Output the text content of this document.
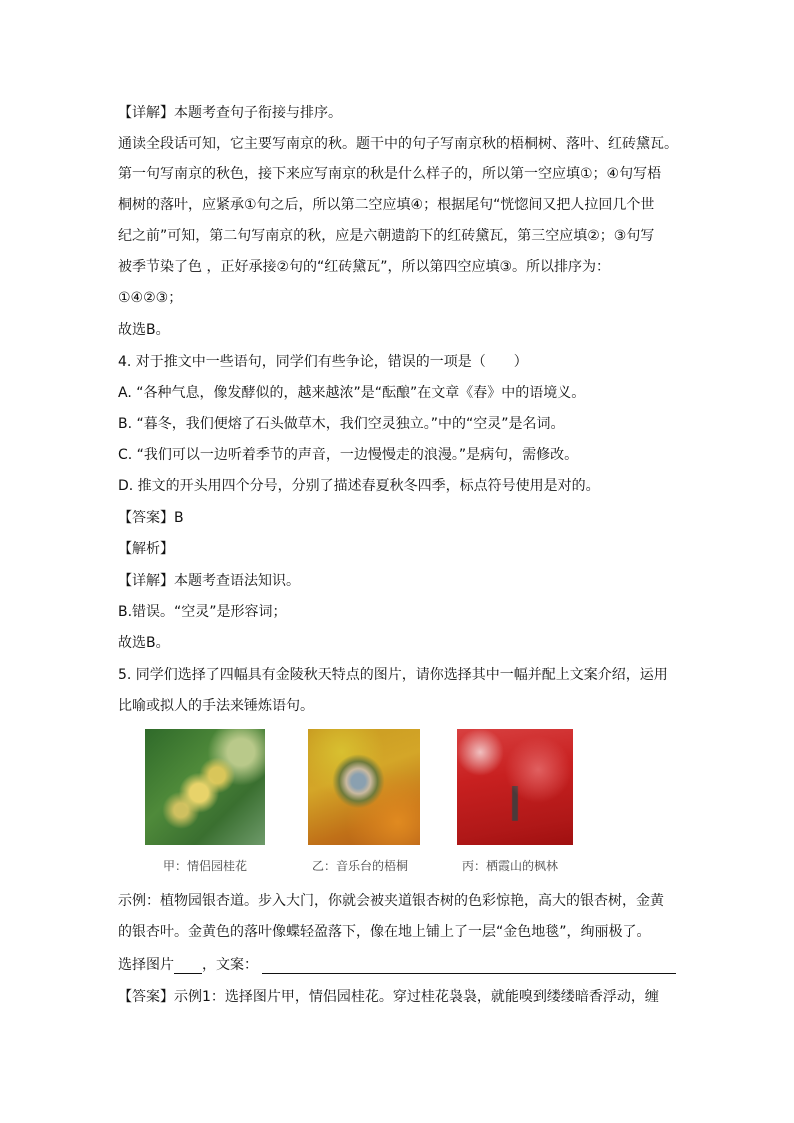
【详解】本题考查句子衔接与排序。
通读全段话可知，它主要写南京的秋。题干中的句子写南京秋的梧桐树、落叶、红砖黛瓦。
第一句写南京的秋色，接下来应写南京的秋是什么样子的，所以第一空应填①；④句写梧
桐树的落叶，应紧承①句之后，所以第二空应填④；根据尾句“恍惚间又把人拉回几个世
纪之前”可知，第二句写南京的秋，应是六朝遗韵下的红砖黛瓦，第三空应填②；③句写
被季节染了色 ，正好承接②句的“红砖黛瓦”，所以第四空应填③。所以排序为：
①④②③；
故选B。
4. 对于推文中一些语句，同学们有些争论，错误的一项是（　　）
A. “各种气息，像发酵似的，越来越浓”是“酝酿”在文章《春》中的语境义。
B. “暮冬，我们便熔了石头做草木，我们空灵独立。”中的“空灵”是名词。
C. “我们可以一边听着季节的声音，一边慢慢走的浪漫。”是病句，需修改。
D. 推文的开头用四个分号，分别了描述春夏秋冬四季，标点符号使用是对的。
【答案】B
【解析】
【详解】本题考查语法知识。
B.错误。“空灵”是形容词；
故选B。
5. 同学们选择了四幅具有金陵秋天特点的图片，请你选择其中一幅并配上文案介绍，运用
比喻或拟人的手法来锤炼语句。
甲：情侣园桂花	乙：音乐台的梧桐	丙：栖霞山的枫林
示例：植物园银杏道。步入大门，你就会被夹道银杏树的色彩惊艳，高大的银杏树，金黄
的银杏叶。金黄色的落叶像蝶轻盈落下，像在地上铺上了一层“金色地毯”，绚丽极了。
选择图片 ，文案：
【答案】示例1：选择图片甲，情侣园桂花。穿过桂花袅袅，就能嗅到缕缕暗香浮动，缠
